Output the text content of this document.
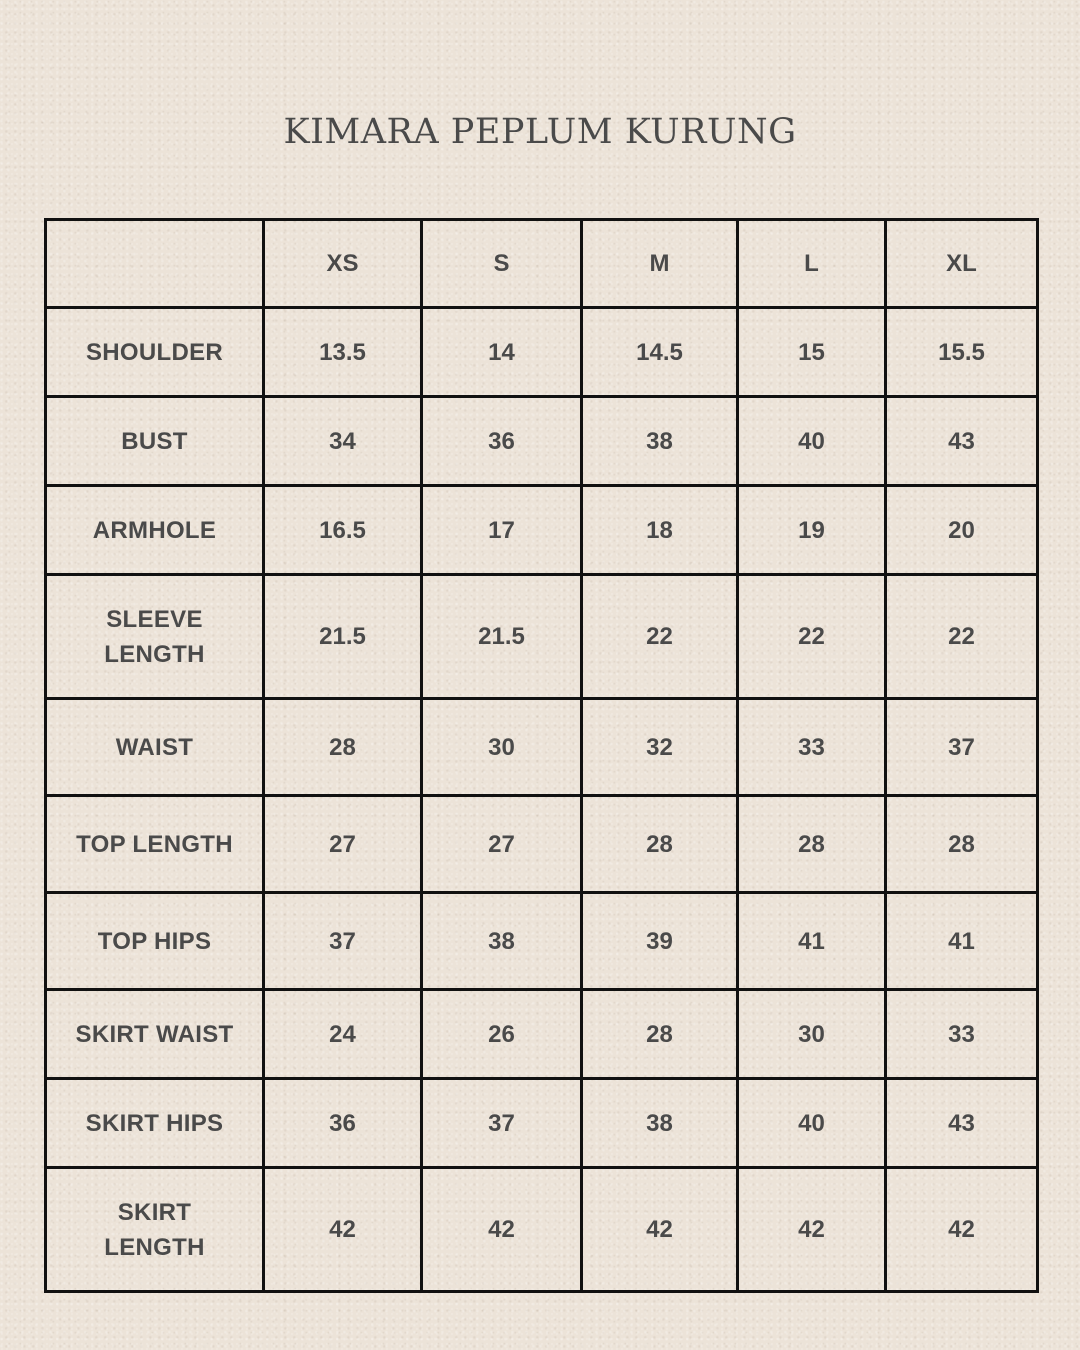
KIMARA PEPLUM KURUNG
	XS	S	M	L	XL
SHOULDER	13.5	14	14.5	15	15.5
BUST	34	36	38	40	43
ARMHOLE	16.5	17	18	19	20
SLEEVE LENGTH	21.5	21.5	22	22	22
WAIST	28	30	32	33	37
TOP LENGTH	27	27	28	28	28
TOP HIPS	37	38	39	41	41
SKIRT WAIST	24	26	28	30	33
SKIRT HIPS	36	37	38	40	43
SKIRT LENGTH	42	42	42	42	42
